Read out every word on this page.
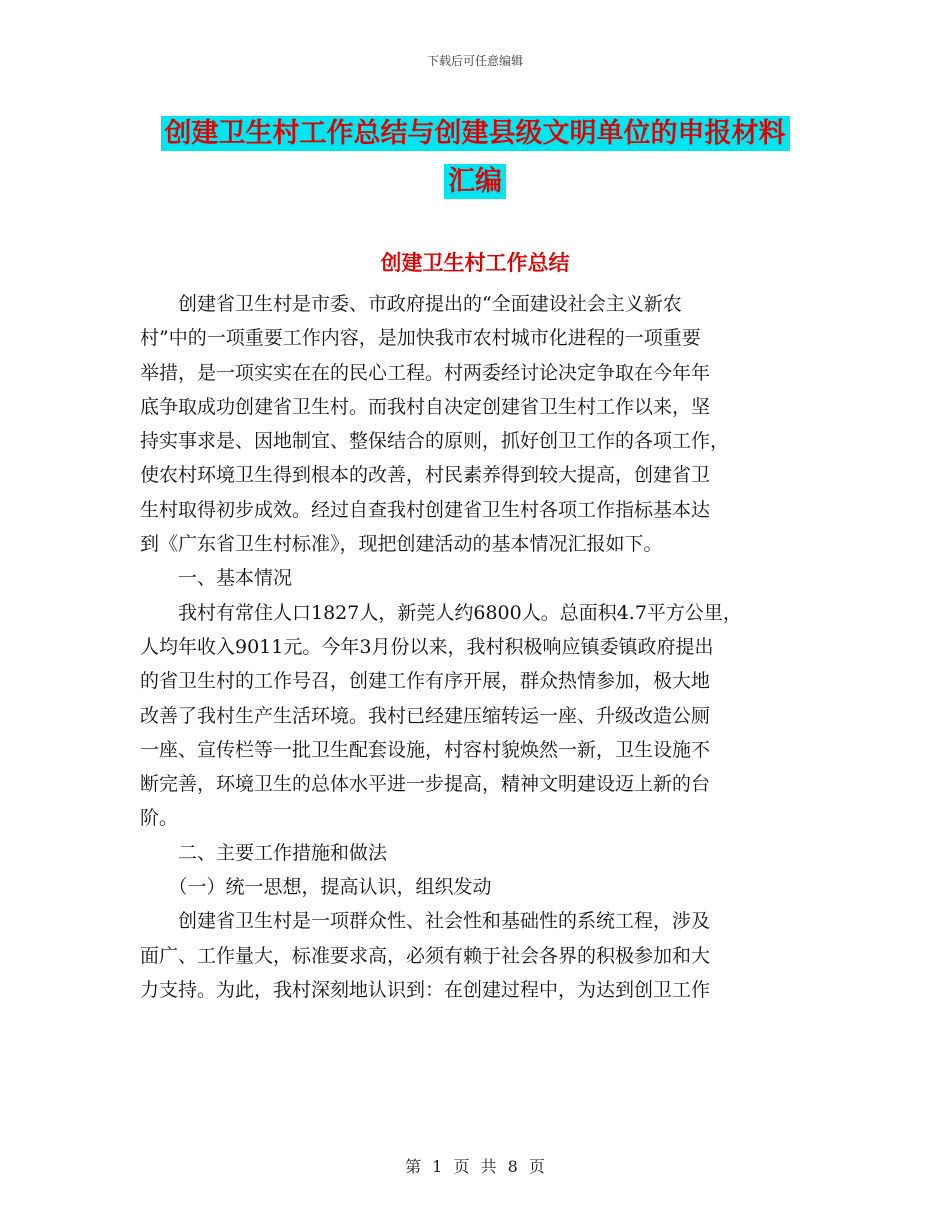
下载后可任意编辑
创建卫生村工作总结与创建县级文明单位的申报材料
汇编
创建卫生村工作总结
　　创建省卫生村是市委、市政府提出的“全面建设社会主义新农
村”中的一项重要工作内容，是加快我市农村城市化进程的一项重要
举措，是一项实实在在的民心工程。村两委经讨论决定争取在今年年
底争取成功创建省卫生村。而我村自决定创建省卫生村工作以来，坚
持实事求是、因地制宜、整保结合的原则，抓好创卫工作的各项工作，
使农村环境卫生得到根本的改善，村民素养得到较大提高，创建省卫
生村取得初步成效。经过自查我村创建省卫生村各项工作指标基本达
到《广东省卫生村标准》，现把创建活动的基本情况汇报如下。
　　一、基本情况
　　我村有常住人口1827人，新莞人约6800人。总面积4.7平方公里，
人均年收入9011元。今年3月份以来，我村积极响应镇委镇政府提出
的省卫生村的工作号召，创建工作有序开展，群众热情参加，极大地
改善了我村生产生活环境。我村已经建压缩转运一座、升级改造公厕
一座、宣传栏等一批卫生配套设施，村容村貌焕然一新，卫生设施不
断完善，环境卫生的总体水平进一步提高，精神文明建设迈上新的台
阶。
　　二、主要工作措施和做法
　　（一）统一思想，提高认识，组织发动
　　创建省卫生村是一项群众性、社会性和基础性的系统工程，涉及
面广、工作量大，标准要求高，必须有赖于社会各界的积极参加和大
力支持。为此，我村深刻地认识到：在创建过程中，为达到创卫工作
第 1 页 共 8 页
